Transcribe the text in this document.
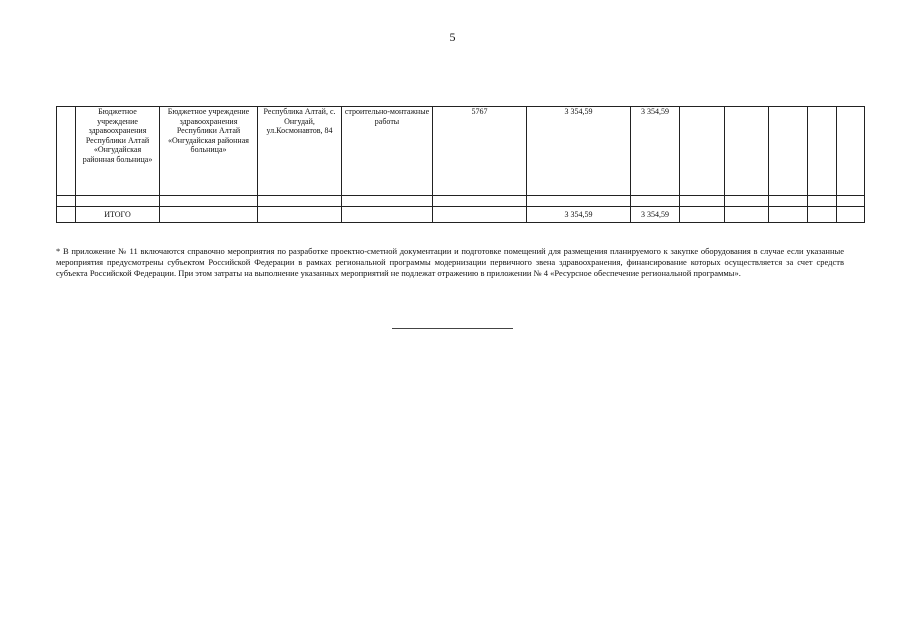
5
	Бюджетное учреждение здравоохранения Республики Алтай «Онгудайская районная больница»	Бюджетное учреждение здравоохранения Республики Алтай «Онгудайская районная больница»	Республика Алтай, с. Онгудай, ул.Космонавтов, 84	строительно-монтажные работы	5767	3 354,59	3 354,59					

	ИТОГО					3 354,59	3 354,59					

* В приложение № 11 включаются справочно мероприятия по разработке проектно-сметной документации и подготовке помещений для размещения планируемого к закупке оборудования в случае если указанные мероприятия предусмотрены субъектом Российской Федерации в рамках региональной программы модернизации первичного звена здравоохранения, финансирование которых осуществляется за счет средств субъекта Российской Федерации. При этом затраты на выполнение указанных мероприятий не подлежат отражению в приложении № 4 «Ресурсное обеспечение региональной программы».
